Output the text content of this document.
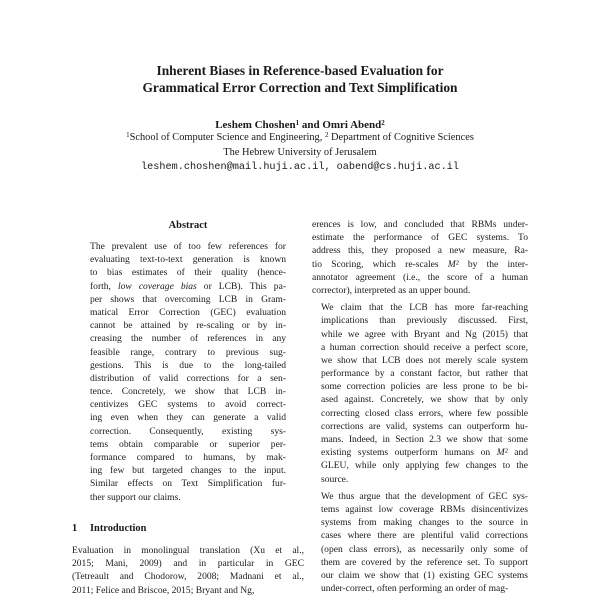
Inherent Biases in Reference-based Evaluation for
Grammatical Error Correction and Text Simplification
Leshem Choshen$^1$ and Omri Abend$^2$
$^1$School of Computer Science and Engineering, $^2$ Department of Cognitive Sciences
The Hebrew University of Jerusalem
leshem.choshen@mail.huji.ac.il, oabend@cs.huji.ac.il
Abstract
The prevalent use of too few references for
evaluating text-to-text generation is known
to bias estimates of their quality (hence-
forth, low coverage bias or LCB). This pa-
per shows that overcoming LCB in Gram-
matical Error Correction (GEC) evaluation
cannot be attained by re-scaling or by in-
creasing the number of references in any
feasible range, contrary to previous sug-
gestions. This is due to the long-tailed
distribution of valid corrections for a sen-
tence. Concretely, we show that LCB in-
centivizes GEC systems to avoid correct-
ing even when they can generate a valid
correction. Consequently, existing sys-
tems obtain comparable or superior per-
formance compared to humans, by mak-
ing few but targeted changes to the input.
Similar effects on Text Simplification fur-
ther support our claims.
1 Introduction
Evaluation in monolingual translation (Xu et al.,
2015; Mani, 2009) and in particular in GEC
(Tetreault and Chodorow, 2008; Madnani et al.,
2011; Felice and Briscoe, 2015; Bryant and Ng,
erences is low, and concluded that RBMs under-
estimate the performance of GEC systems. To
address this, they proposed a new measure, Ra-
tio Scoring, which re-scales M² by the inter-
annotator agreement (i.e., the score of a human
corrector), interpreted as an upper bound.
We claim that the LCB has more far-reaching
implications than previously discussed. First,
while we agree with Bryant and Ng (2015) that
a human correction should receive a perfect score,
we show that LCB does not merely scale system
performance by a constant factor, but rather that
some correction policies are less prone to be bi-
ased against. Concretely, we show that by only
correcting closed class errors, where few possible
corrections are valid, systems can outperform hu-
mans. Indeed, in Section 2.3 we show that some
existing systems outperform humans on M² and
GLEU, while only applying few changes to the
source.
We thus argue that the development of GEC sys-
tems against low coverage RBMs disincentivizes
systems from making changes to the source in
cases where there are plentiful valid corrections
(open class errors), as necessarily only some of
them are covered by the reference set. To support
our claim we show that (1) existing GEC systems
under-correct, often performing an order of mag-
